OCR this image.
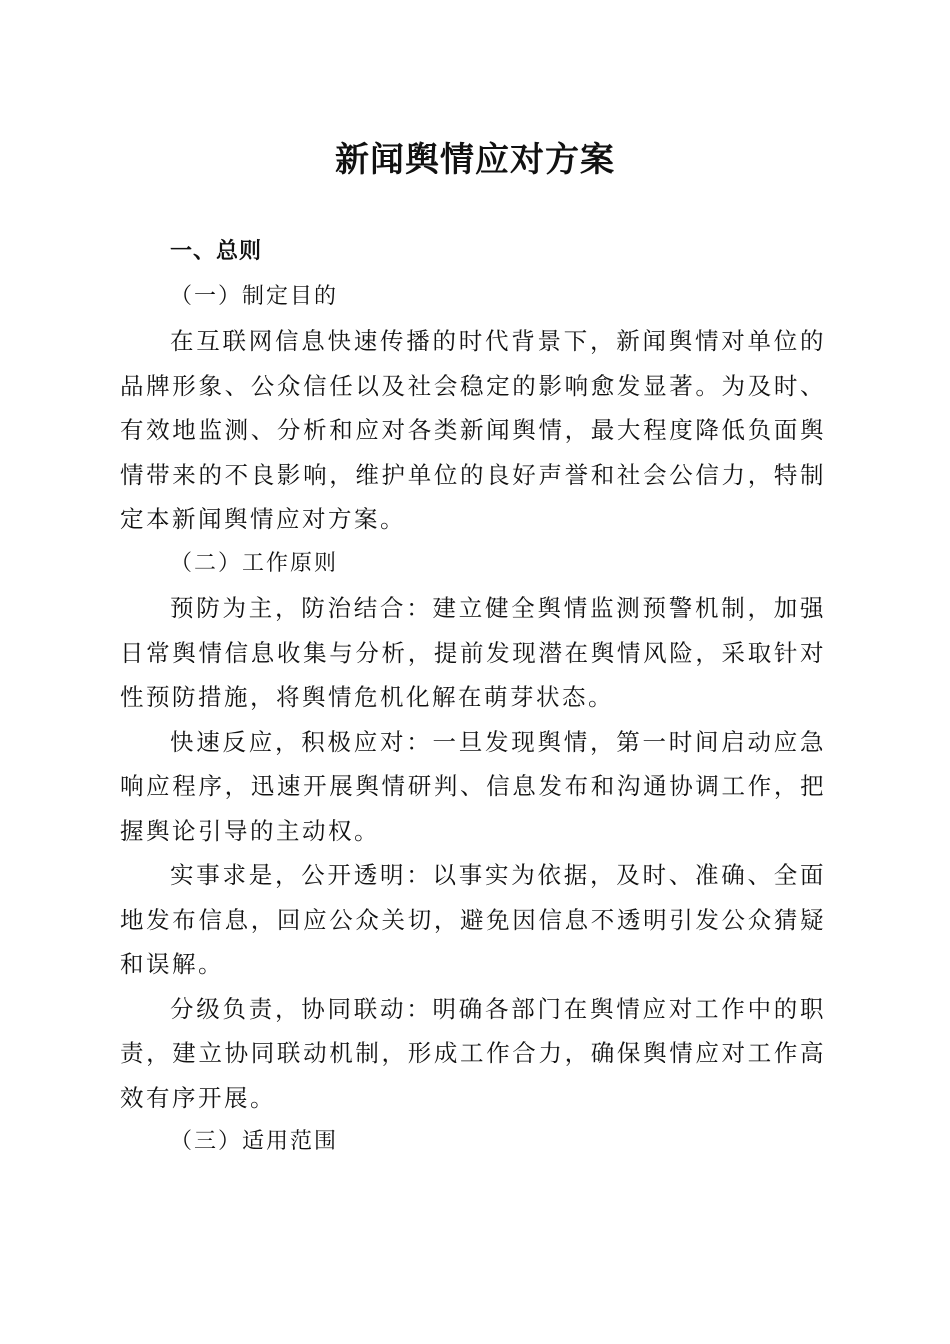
新闻舆情应对方案

一、总则

（一）制定目的

在互联网信息快速传播的时代背景下，新闻舆情对单位的品牌形象、公众信任以及社会稳定的影响愈发显著。为及时、有效地监测、分析和应对各类新闻舆情，最大程度降低负面舆情带来的不良影响，维护单位的良好声誉和社会公信力，特制定本新闻舆情应对方案。

（二）工作原则

预防为主，防治结合：建立健全舆情监测预警机制，加强日常舆情信息收集与分析，提前发现潜在舆情风险，采取针对性预防措施，将舆情危机化解在萌芽状态。

快速反应，积极应对：一旦发现舆情，第一时间启动应急响应程序，迅速开展舆情研判、信息发布和沟通协调工作，把握舆论引导的主动权。

实事求是，公开透明：以事实为依据，及时、准确、全面地发布信息，回应公众关切，避免因信息不透明引发公众猜疑和误解。

分级负责，协同联动：明确各部门在舆情应对工作中的职责，建立协同联动机制，形成工作合力，确保舆情应对工作高效有序开展。

（三）适用范围
